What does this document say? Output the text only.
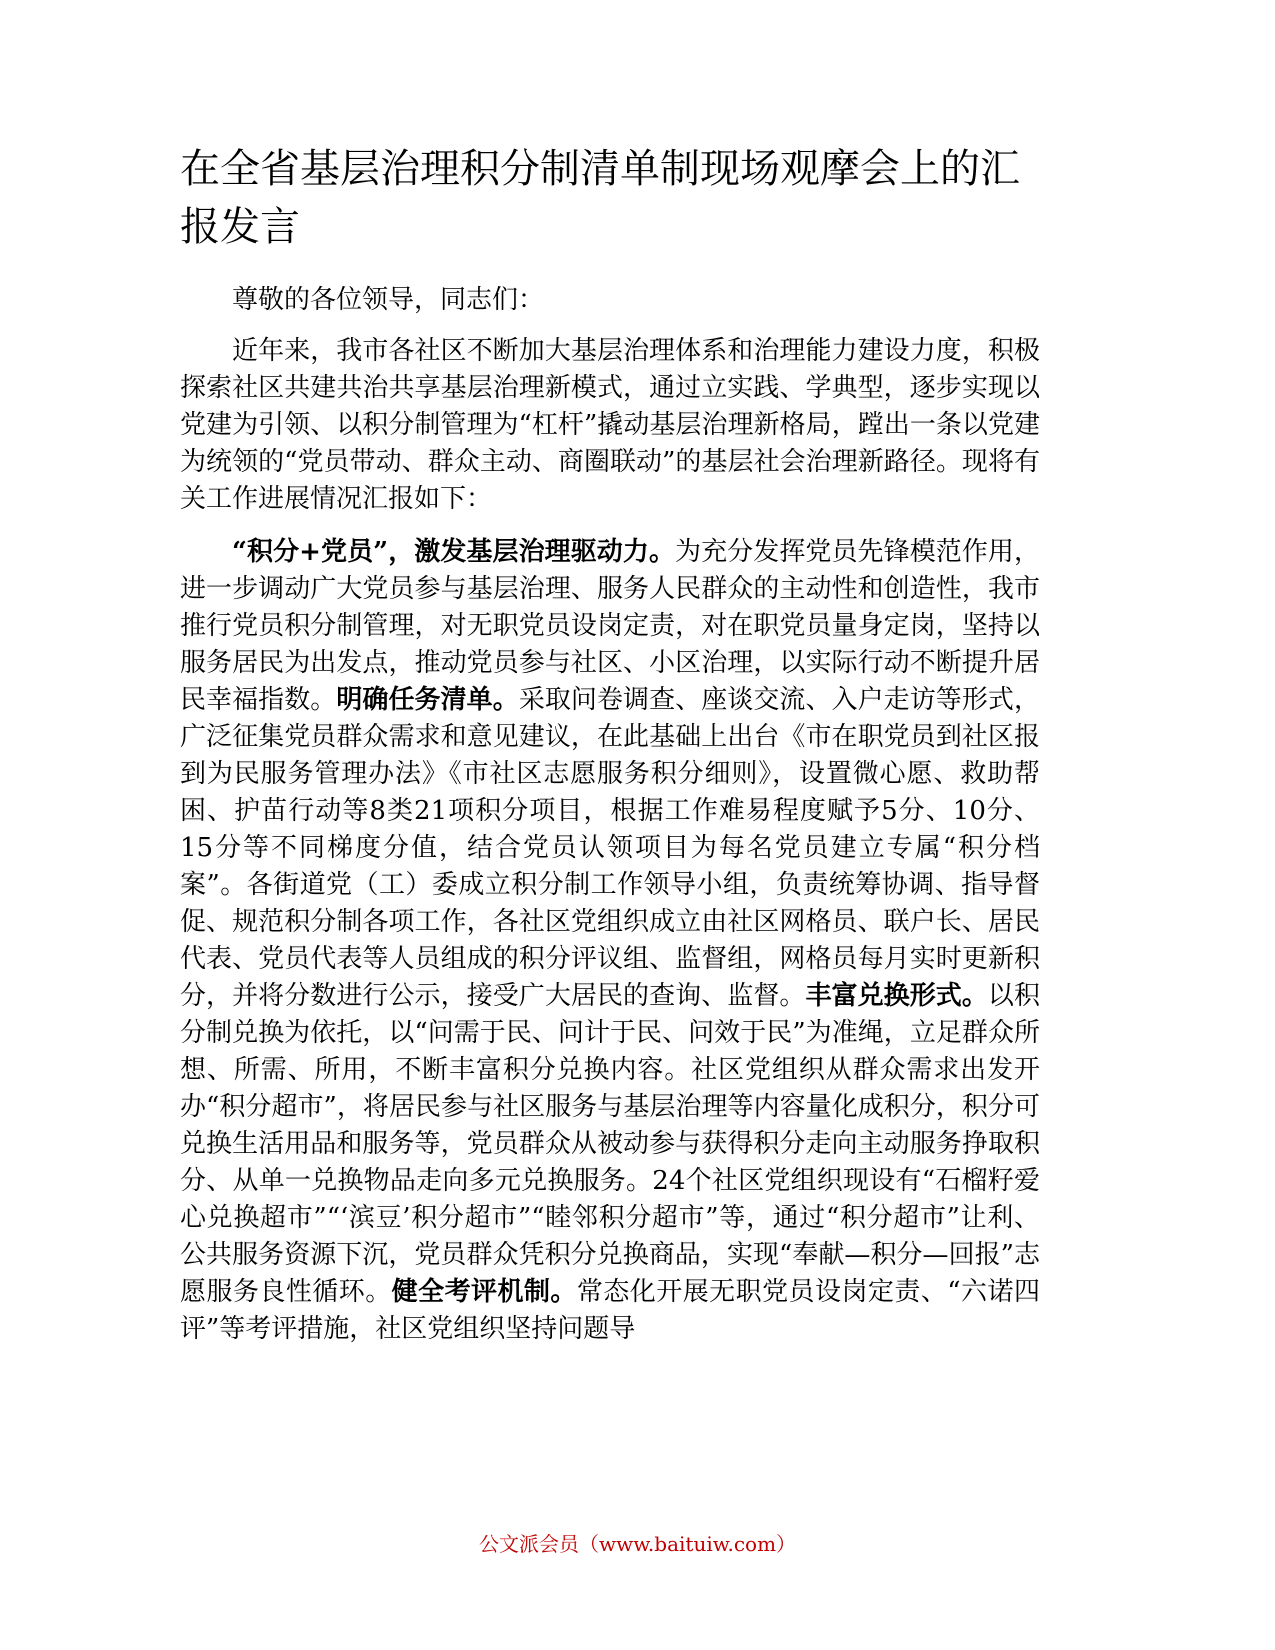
在全省基层治理积分制清单制现场观摩会上的汇报发言

尊敬的各位领导，同志们：

近年来，我市各社区不断加大基层治理体系和治理能力建设力度，积极探索社区共建共治共享基层治理新模式，通过立实践、学典型，逐步实现以党建为引领、以积分制管理为“杠杆”撬动基层治理新格局，蹚出一条以党建为统领的“党员带动、群众主动、商圈联动”的基层社会治理新路径。现将有关工作进展情况汇报如下：

“积分+党员”，激发基层治理驱动力。为充分发挥党员先锋模范作用，进一步调动广大党员参与基层治理、服务人民群众的主动性和创造性，我市推行党员积分制管理，对无职党员设岗定责，对在职党员量身定岗，坚持以服务居民为出发点，推动党员参与社区、小区治理，以实际行动不断提升居民幸福指数。明确任务清单。采取问卷调查、座谈交流、入户走访等形式，广泛征集党员群众需求和意见建议，在此基础上出台《市在职党员到社区报到为民服务管理办法》《市社区志愿服务积分细则》，设置微心愿、救助帮困、护苗行动等8类21项积分项目，根据工作难易程度赋予5分、10分、15分等不同梯度分值，结合党员认领项目为每名党员建立专属“积分档案”。各街道党（工）委成立积分制工作领导小组，负责统筹协调、指导督促、规范积分制各项工作，各社区党组织成立由社区网格员、联户长、居民代表、党员代表等人员组成的积分评议组、监督组，网格员每月实时更新积分，并将分数进行公示，接受广大居民的查询、监督。丰富兑换形式。以积分制兑换为依托，以“问需于民、问计于民、问效于民”为准绳，立足群众所想、所需、所用，不断丰富积分兑换内容。社区党组织从群众需求出发开办“积分超市”，将居民参与社区服务与基层治理等内容量化成积分，积分可兑换生活用品和服务等，党员群众从被动参与获得积分走向主动服务挣取积分、从单一兑换物品走向多元兑换服务。24个社区党组织现设有“石榴籽爱心兑换超市”“‘滨豆’积分超市”“睦邻积分超市”等，通过“积分超市”让利、公共服务资源下沉，党员群众凭积分兑换商品，实现“奉献—积分—回报”志愿服务良性循环。健全考评机制。常态化开展无职党员设岗定责、“六诺四评”等考评措施，社区党组织坚持问题导

公文派会员（www.baituiw.com）
